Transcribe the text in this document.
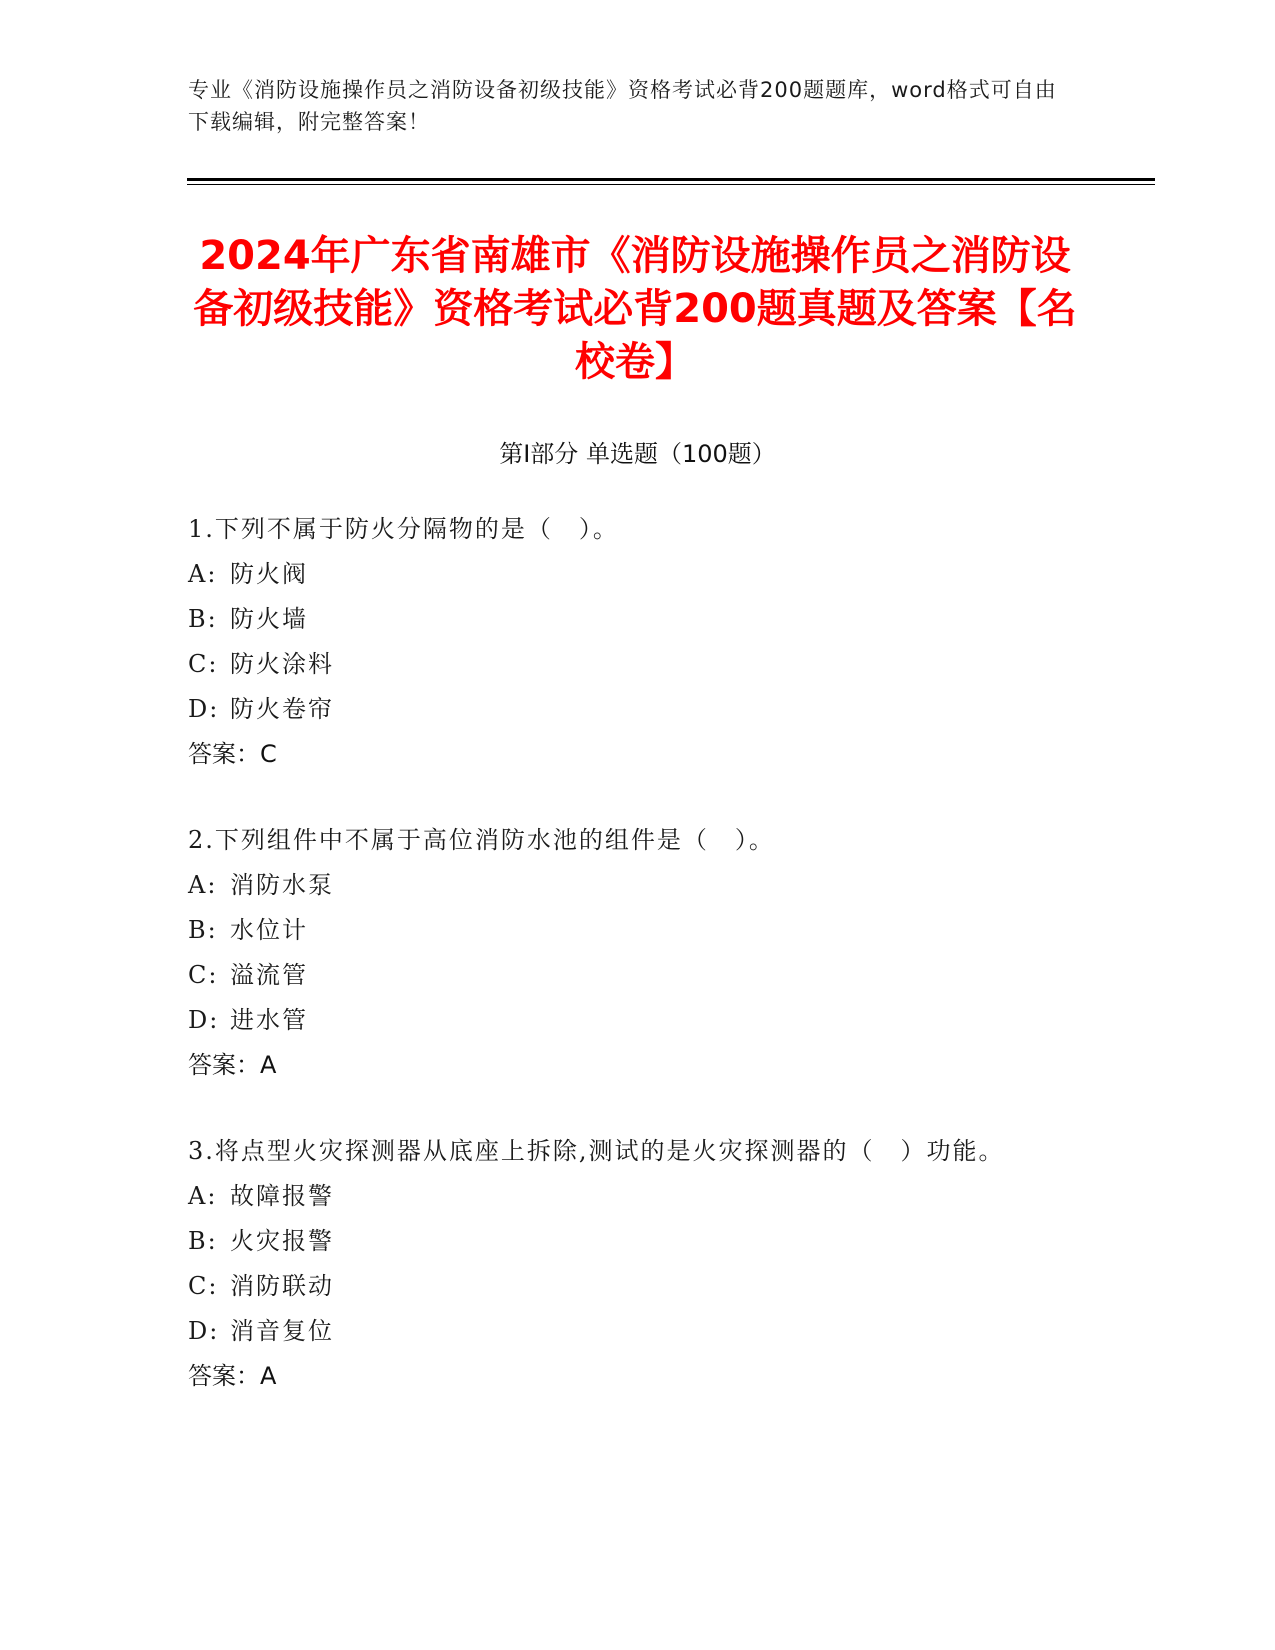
专业《消防设施操作员之消防设备初级技能》资格考试必背200题题库，word格式可自由下载编辑，附完整答案！
2024年广东省南雄市《消防设施操作员之消防设备初级技能》资格考试必背200题真题及答案【名校卷】
第I部分 单选题（100题）
1.下列不属于防火分隔物的是（　）。
A: 防火阀
B: 防火墙
C: 防火涂料
D: 防火卷帘
答案：C
2.下列组件中不属于高位消防水池的组件是（　）。
A: 消防水泵
B: 水位计
C: 溢流管
D: 进水管
答案：A
3.将点型火灾探测器从底座上拆除,测试的是火灾探测器的（　）功能。
A: 故障报警
B: 火灾报警
C: 消防联动
D: 消音复位
答案：A
